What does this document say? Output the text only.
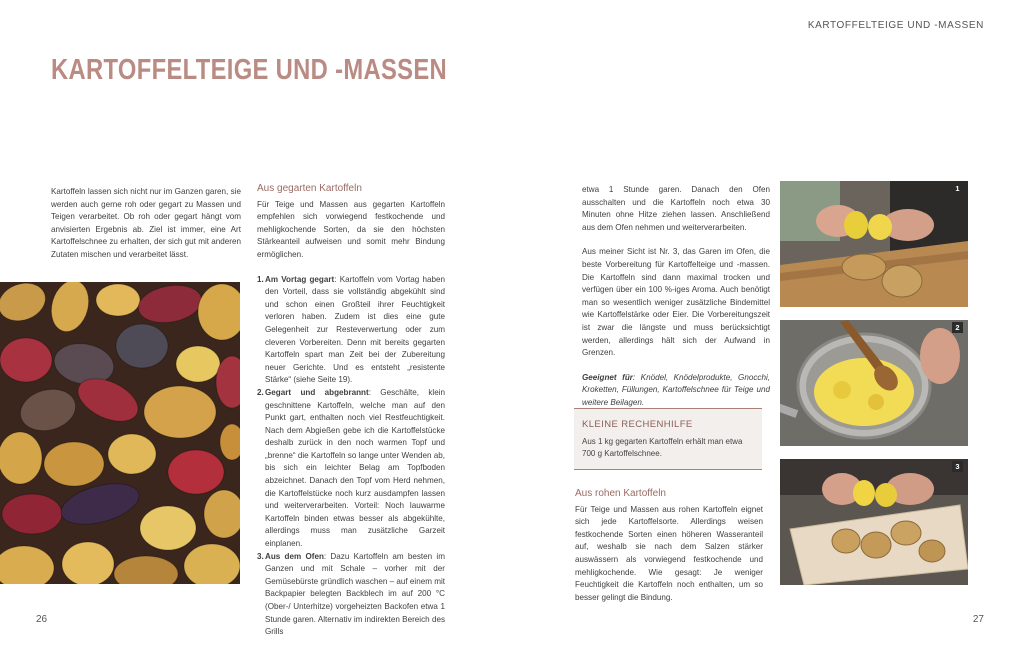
KARTOFFELTEIGE UND -MASSEN
KARTOFFELTEIGE UND -MASSEN

Kartoffeln lassen sich nicht nur im Ganzen garen, sie werden auch gerne roh oder gegart zu Massen und Teigen verarbeitet. Ob roh oder gegart hängt vom anvisierten Ergebnis ab. Ziel ist immer, eine Art Kartoffelschnee zu erhalten, der sich gut mit anderen Zutaten mischen und verarbeitet lässt.

Aus gegarten Kartoffeln

Für Teige und Massen aus gegarten Kartoffeln empfehlen sich vorwiegend festkochende und mehligkochende Sorten, da sie den höchsten Stärkeanteil aufweisen und somit mehr Bindung ermöglichen.

1. Am Vortag gegart: Kartoffeln vom Vortag haben den Vorteil, dass sie vollständig abgekühlt sind und schon einen Großteil ihrer Feuchtigkeit verloren haben. Zudem ist dies eine gute Gelegenheit zur Resteverwertung oder zum cleveren Vorbereiten. Denn mit bereits gegarten Kartoffeln spart man Zeit bei der Zubereitung neuer Gerichte. Und es entsteht „resistente Stärke“ (siehe Seite 19).
2. Gegart und abgebrannt: Geschälte, klein geschnittene Kartoffeln, welche man auf den Punkt gart, enthalten noch viel Restfeuchtigkeit. Nach dem Abgießen gebe ich die Kartoffelstücke deshalb zurück in den noch warmen Topf und „brenne“ die Kartoffeln so lange unter Wenden ab, bis sich ein leichter Belag am Topfboden abzeichnet. Danach den Topf vom Herd nehmen, die Kartoffelstücke noch kurz ausdampfen lassen und weiterverarbeiten. Vorteil: Noch lauwarme Kartoffeln binden etwas besser als abgekühlte, allerdings muss man zusätzliche Garzeit einplanen.
3. Aus dem Ofen: Dazu Kartoffeln am besten im Ganzen und mit Schale – vorher mit der Gemüsebürste gründlich waschen – auf einem mit Backpapier belegten Backblech im auf 200 °C (Ober-/ Unterhitze) vorgeheizten Backofen etwa 1 Stunde garen. Alternativ im indirekten Bereich des Grills

etwa 1 Stunde garen. Danach den Ofen ausschalten und die Kartoffeln noch etwa 30 Minuten ohne Hitze ziehen lassen. Anschließend aus dem Ofen nehmen und weiterverarbeiten.

Aus meiner Sicht ist Nr. 3, das Garen im Ofen, die beste Vorbereitung für Kartoffelteige und -massen. Die Kartoffeln sind dann maximal trocken und verfügen über ein 100 %-iges Aroma. Auch benötigt man so wesentlich weniger zusätzliche Bindemittel wie Kartoffelstärke oder Eier. Die Vorbereitungszeit ist zwar die längste und muss berücksichtigt werden, allerdings hält sich der Aufwand in Grenzen.

Geeignet für: Knödel, Knödelprodukte, Gnocchi, Kroketten, Füllungen, Kartoffelschnee für Teige und weitere Beilagen.

KLEINE RECHENHILFE
Aus 1 kg gegarten Kartoffeln erhält man etwa 700 g Kartoffelschnee.
Aus rohen Kartoffeln

Für Teige und Massen aus rohen Kartoffeln eignet sich jede Kartoffelsorte. Allerdings weisen festkochende Sorten einen höheren Wasseranteil auf, weshalb sie nach dem Salzen stärker auswässern als vorwiegend festkochende und mehligkochende. Wie gesagt: Je weniger Feuchtigkeit die Kartoffeln noch enthalten, um so besser gelingt die Bindung.

1
2
3
26	27
